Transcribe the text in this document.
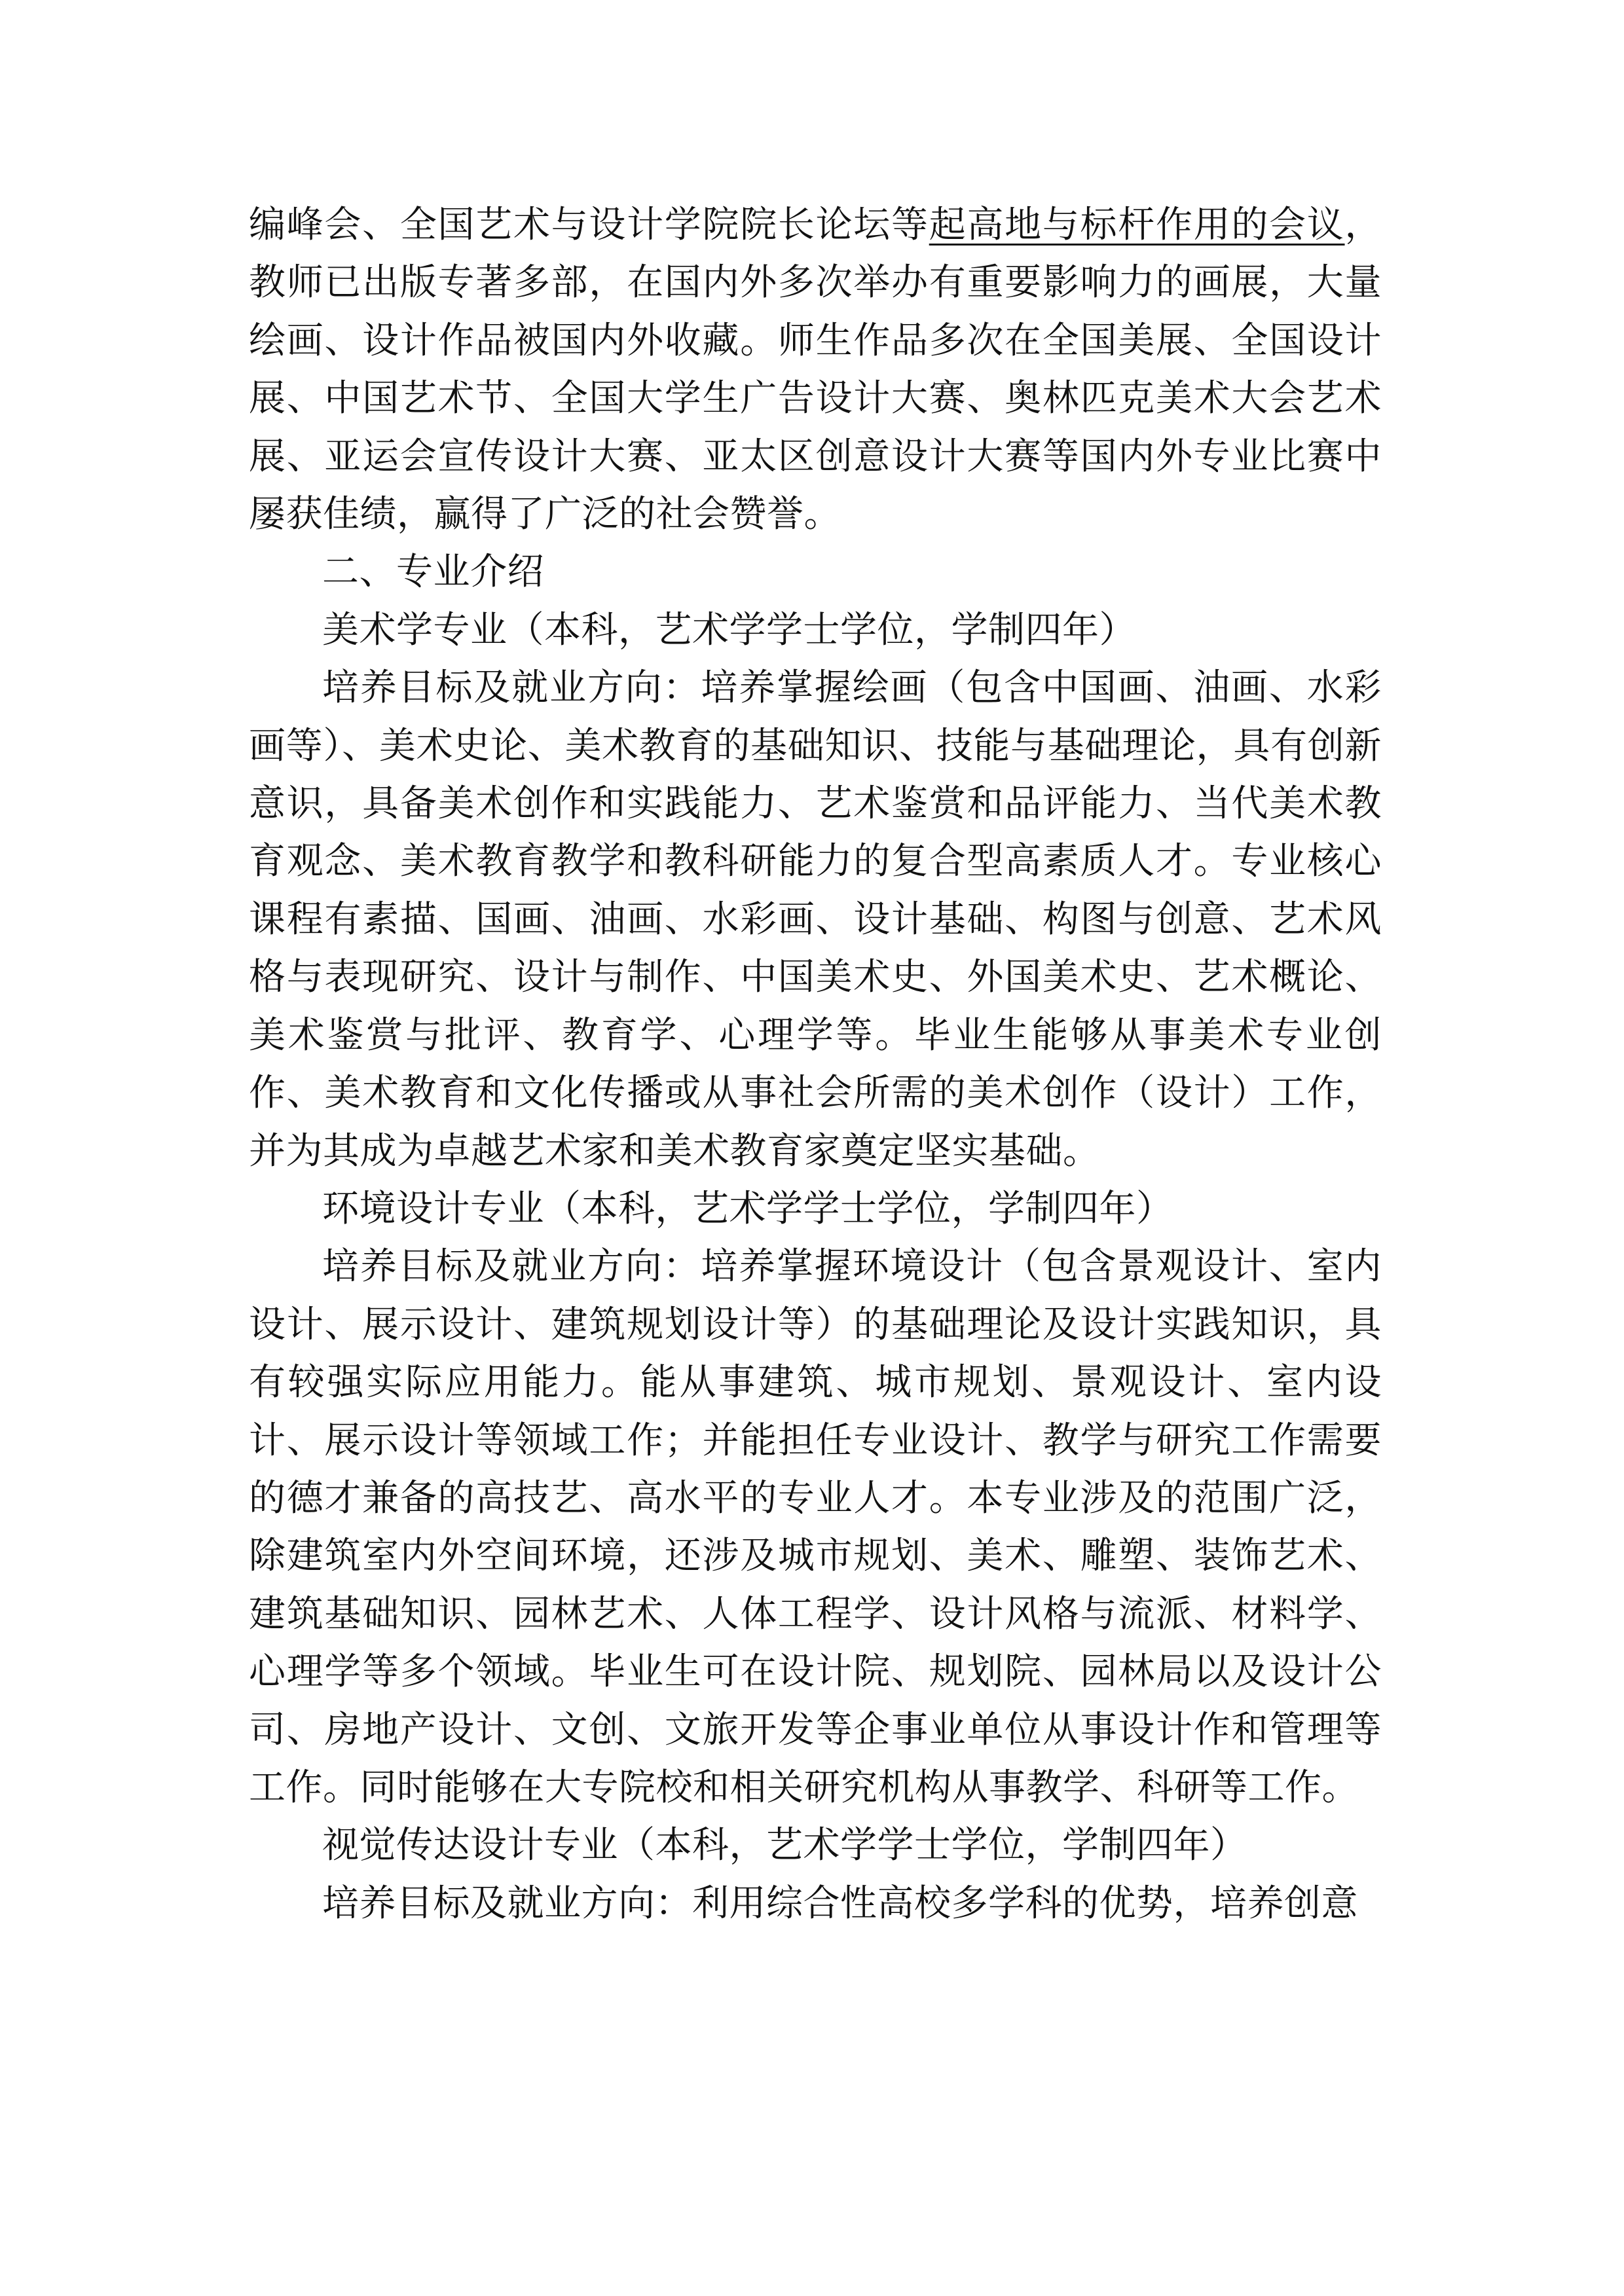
编峰会、全国艺术与设计学院院长论坛等起高地与标杆作用的会议，教师已出版专著多部，在国内外多次举办有重要影响力的画展，大量绘画、设计作品被国内外收藏。师生作品多次在全国美展、全国设计展、中国艺术节、全国大学生广告设计大赛、奥林匹克美术大会艺术展、亚运会宣传设计大赛、亚太区创意设计大赛等国内外专业比赛中屡获佳绩，赢得了广泛的社会赞誉。

二、专业介绍

美术学专业（本科，艺术学学士学位，学制四年）

培养目标及就业方向：培养掌握绘画（包含中国画、油画、水彩画等）、美术史论、美术教育的基础知识、技能与基础理论，具有创新意识，具备美术创作和实践能力、艺术鉴赏和品评能力、当代美术教育观念、美术教育教学和教科研能力的复合型高素质人才。专业核心课程有素描、国画、油画、水彩画、设计基础、构图与创意、艺术风格与表现研究、设计与制作、中国美术史、外国美术史、艺术概论、美术鉴赏与批评、教育学、心理学等。毕业生能够从事美术专业创作、美术教育和文化传播或从事社会所需的美术创作（设计）工作，并为其成为卓越艺术家和美术教育家奠定坚实基础。

环境设计专业（本科，艺术学学士学位，学制四年）

培养目标及就业方向：培养掌握环境设计（包含景观设计、室内设计、展示设计、建筑规划设计等）的基础理论及设计实践知识，具有较强实际应用能力。能从事建筑、城市规划、景观设计、室内设计、展示设计等领域工作；并能担任专业设计、教学与研究工作需要的德才兼备的高技艺、高水平的专业人才。本专业涉及的范围广泛，除建筑室内外空间环境，还涉及城市规划、美术、雕塑、装饰艺术、建筑基础知识、园林艺术、人体工程学、设计风格与流派、材料学、心理学等多个领域。毕业生可在设计院、规划院、园林局以及设计公司、房地产设计、文创、文旅开发等企事业单位从事设计作和管理等工作。同时能够在大专院校和相关研究机构从事教学、科研等工作。

视觉传达设计专业（本科，艺术学学士学位，学制四年）

培养目标及就业方向：利用综合性高校多学科的优势，培养创意
